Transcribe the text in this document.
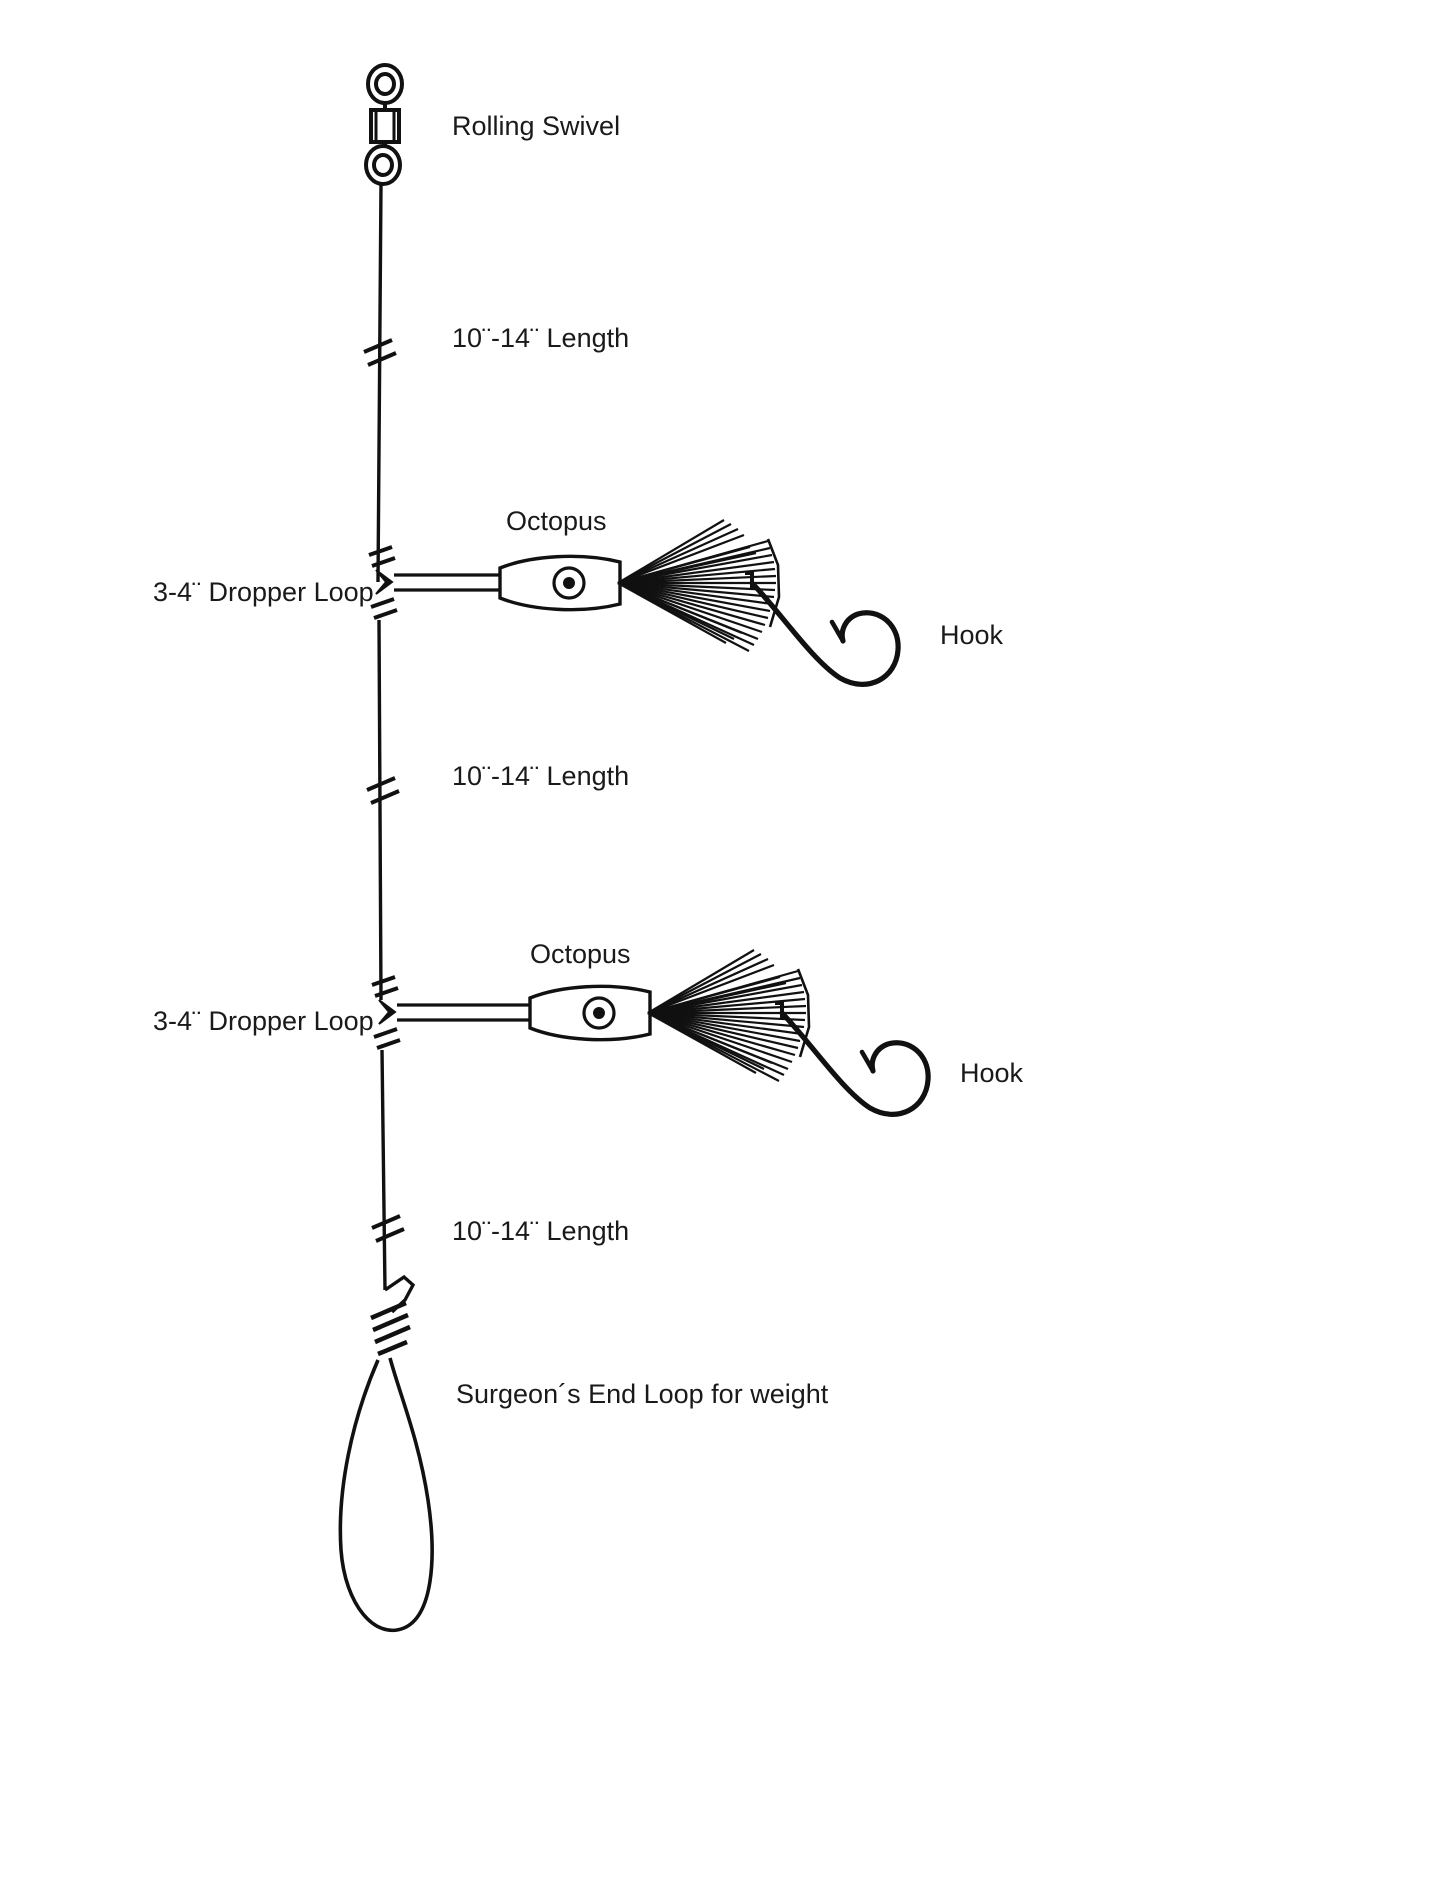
Rolling Swivel
10¨-14¨ Length
Octopus
3-4¨ Dropper Loop
Hook
10¨-14¨ Length
Octopus
3-4¨ Dropper Loop
Hook
10¨-14¨ Length
Surgeon´s End Loop for weight
